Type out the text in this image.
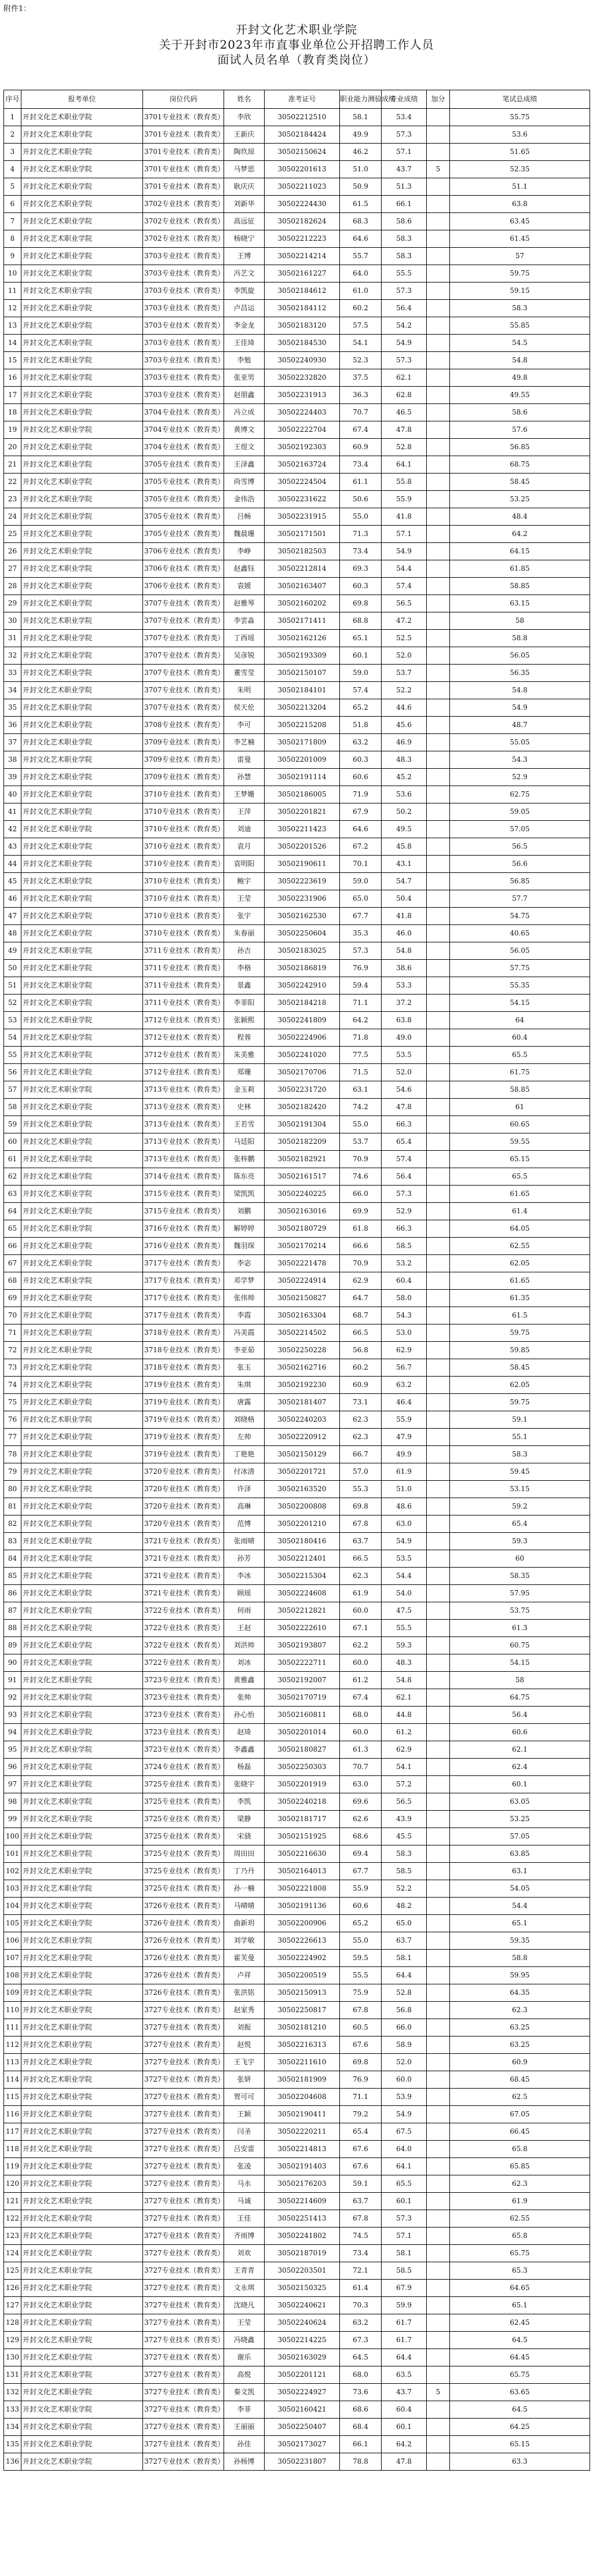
附件1：
开封文化艺术职业学院
关于开封市2023年市直事业单位公开招聘工作人员
面试人员名单（教育类岗位）
序号	报考单位	岗位代码	姓名	准考证号	职业能力测验成绩	专业成绩	加分	笔试总成绩
1	开封文化艺术职业学院	3701专业技术（教育类）	李欣	30502212510	58.1	53.4		55.75
2	开封文化艺术职业学院	3701专业技术（教育类）	王新庆	30502184424	49.9	57.3		53.6
3	开封文化艺术职业学院	3701专业技术（教育类）	陶玖琼	30502150624	46.2	57.1		51.65
4	开封文化艺术职业学院	3701专业技术（教育类）	马梦思	30502201613	51.0	43.7	5	52.35
5	开封文化艺术职业学院	3701专业技术（教育类）	耿庆庆	30502211023	50.9	51.3		51.1
6	开封文化艺术职业学院	3702专业技术（教育类）	刘新华	30502224430	61.5	66.1		63.8
7	开封文化艺术职业学院	3702专业技术（教育类）	高远征	30502182624	68.3	58.6		63.45
8	开封文化艺术职业学院	3702专业技术（教育类）	杨晓宁	30502212223	64.6	58.3		61.45
9	开封文化艺术职业学院	3703专业技术（教育类）	王博	30502214214	55.7	58.3		57
10	开封文化艺术职业学院	3703专业技术（教育类）	冯艺文	30502161227	64.0	55.5		59.75
11	开封文化艺术职业学院	3703专业技术（教育类）	李凯旋	30502184612	61.0	57.3		59.15
12	开封文化艺术职业学院	3703专业技术（教育类）	卢昌运	30502184112	60.2	56.4		58.3
13	开封文化艺术职业学院	3703专业技术（教育类）	李金龙	30502183120	57.5	54.2		55.85
14	开封文化艺术职业学院	3703专业技术（教育类）	王佳琦	30502184530	54.1	54.9		54.5
15	开封文化艺术职业学院	3703专业技术（教育类）	李勉	30502240930	52.3	57.3		54.8
16	开封文化艺术职业学院	3703专业技术（教育类）	张亚男	30502232820	37.5	62.1		49.8
17	开封文化艺术职业学院	3703专业技术（教育类）	赵朋鑫	30502231913	36.3	62.8		49.55
18	开封文化艺术职业学院	3704专业技术（教育类）	冯立成	30502224403	70.7	46.5		58.6
19	开封文化艺术职业学院	3704专业技术（教育类）	黄博文	30502222704	67.4	47.8		57.6
20	开封文化艺术职业学院	3704专业技术（教育类）	王煜文	30502192303	60.9	52.8		56.85
21	开封文化艺术职业学院	3705专业技术（教育类）	王泽鑫	30502163724	73.4	64.1		68.75
22	开封文化艺术职业学院	3705专业技术（教育类）	尚雪博	30502224504	61.1	55.8		58.45
23	开封文化艺术职业学院	3705专业技术（教育类）	金伟浩	30502231622	50.6	55.9		53.25
24	开封文化艺术职业学院	3705专业技术（教育类）	吕畅	30502231915	55.0	41.8		48.4
25	开封文化艺术职业学院	3705专业技术（教育类）	魏晨珊	30502171501	71.3	57.1		64.2
26	开封文化艺术职业学院	3706专业技术（教育类）	李峥	30502182503	73.4	54.9		64.15
27	开封文化艺术职业学院	3706专业技术（教育类）	赵鑫钰	30502212814	69.3	54.4		61.85
28	开封文化艺术职业学院	3706专业技术（教育类）	袁媛	30502163407	60.3	57.4		58.85
29	开封文化艺术职业学院	3707专业技术（教育类）	赵雅琴	30502160202	69.8	56.5		63.15
30	开封文化艺术职业学院	3707专业技术（教育类）	李雲淼	30502171411	68.8	47.2		58
31	开封文化艺术职业学院	3707专业技术（教育类）	丁西瑶	30502162126	65.1	52.5		58.8
32	开封文化艺术职业学院	3707专业技术（教育类）	吴彦锐	30502193309	60.1	52.0		56.05
33	开封文化艺术职业学院	3707专业技术（教育类）	董雪莹	30502150107	59.0	53.7		56.35
34	开封文化艺术职业学院	3707专业技术（教育类）	朱明	30502184101	57.4	52.2		54.8
35	开封文化艺术职业学院	3707专业技术（教育类）	侯天伦	30502213204	65.2	44.6		54.9
36	开封文化艺术职业学院	3708专业技术（教育类）	李可	30502215208	51.8	45.6		48.7
37	开封文化艺术职业学院	3709专业技术（教育类）	李艺楠	30502171809	63.2	46.9		55.05
38	开封文化艺术职业学院	3709专业技术（教育类）	雷曼	30502201009	60.3	48.3		54.3
39	开封文化艺术职业学院	3709专业技术（教育类）	孙慧	30502191114	60.6	45.2		52.9
40	开封文化艺术职业学院	3710专业技术（教育类）	王梦姗	30502186005	71.9	53.6		62.75
41	开封文化艺术职业学院	3710专业技术（教育类）	王萍	30502201821	67.9	50.2		59.05
42	开封文化艺术职业学院	3710专业技术（教育类）	刘迪	30502211423	64.6	49.5		57.05
43	开封文化艺术职业学院	3710专业技术（教育类）	袁月	30502201526	67.2	45.8		56.5
44	开封文化艺术职业学院	3710专业技术（教育类）	袁明阳	30502190611	70.1	43.1		56.6
45	开封文化艺术职业学院	3710专业技术（教育类）	鲍宇	30502223619	59.0	54.7		56.85
46	开封文化艺术职业学院	3710专业技术（教育类）	王莹	30502231906	65.0	50.4		57.7
47	开封文化艺术职业学院	3710专业技术（教育类）	张宇	30502162530	67.7	41.8		54.75
48	开封文化艺术职业学院	3710专业技术（教育类）	朱春丽	30502250604	35.3	46.0		40.65
49	开封文化艺术职业学院	3711专业技术（教育类）	孙吉	30502183025	57.3	54.8		56.05
50	开封文化艺术职业学院	3711专业技术（教育类）	李格	30502186819	76.9	38.6		57.75
51	开封文化艺术职业学院	3711专业技术（教育类）	景鑫	30502242910	59.4	53.3		55.35
52	开封文化艺术职业学院	3711专业技术（教育类）	李菲阳	30502184218	71.1	37.2		54.15
53	开封文化艺术职业学院	3712专业技术（教育类）	张颖熙	30502241809	64.2	63.8		64
54	开封文化艺术职业学院	3712专业技术（教育类）	程蓉	30502224906	71.8	49.0		60.4
55	开封文化艺术职业学院	3712专业技术（教育类）	朱美雅	30502241020	77.5	53.5		65.5
56	开封文化艺术职业学院	3712专业技术（教育类）	郑珊	30502170706	71.5	52.0		61.75
57	开封文化艺术职业学院	3713专业技术（教育类）	金玉莉	30502231720	63.1	54.6		58.85
58	开封文化艺术职业学院	3713专业技术（教育类）	史林	30502182420	74.2	47.8		61
59	开封文化艺术职业学院	3713专业技术（教育类）	王若雪	30502191304	55.0	66.3		60.65
60	开封文化艺术职业学院	3713专业技术（教育类）	马廷阳	30502182209	53.7	65.4		59.55
61	开封文化艺术职业学院	3713专业技术（教育类）	张梓鹏	30502182921	70.9	57.4		65.15
62	开封文化艺术职业学院	3714专业技术（教育类）	陈东亮	30502161517	74.6	56.4		65.5
63	开封文化艺术职业学院	3715专业技术（教育类）	梁凯凯	30502240225	66.0	57.3		61.65
64	开封文化艺术职业学院	3715专业技术（教育类）	刘鹏	30502163016	69.9	52.9		61.4
65	开封文化艺术职业学院	3716专业技术（教育类）	解婷婷	30502180729	61.8	66.3		64.05
66	开封文化艺术职业学院	3716专业技术（教育类）	魏羽琛	30502170214	66.6	58.5		62.55
67	开封文化艺术职业学院	3717专业技术（教育类）	李宓	30502221478	70.9	53.2		62.05
68	开封文化艺术职业学院	3717专业技术（教育类）	邓学梦	30502224914	62.9	60.4		61.65
69	开封文化艺术职业学院	3717专业技术（教育类）	张伟帅	30502150827	64.7	58.0		61.35
70	开封文化艺术职业学院	3717专业技术（教育类）	李霞	30502163304	68.7	54.3		61.5
71	开封文化艺术职业学院	3718专业技术（教育类）	冯美霞	30502214502	66.5	53.0		59.75
72	开封文化艺术职业学院	3718专业技术（教育类）	李亚茹	30502250228	56.8	62.9		59.85
73	开封文化艺术职业学院	3718专业技术（教育类）	张玉	30502162716	60.2	56.7		58.45
74	开封文化艺术职业学院	3719专业技术（教育类）	朱琪	30502192230	60.9	63.2		62.05
75	开封文化艺术职业学院	3719专业技术（教育类）	唐露	30502181407	73.1	46.4		59.75
76	开封文化艺术职业学院	3719专业技术（教育类）	刘晓格	30502240203	62.3	55.9		59.1
77	开封文化艺术职业学院	3719专业技术（教育类）	左帅	30502220912	62.3	47.9		55.1
78	开封文化艺术职业学院	3719专业技术（教育类）	丁艳艳	30502150129	66.7	49.9		58.3
79	开封文化艺术职业学院	3720专业技术（教育类）	付冰清	30502201721	57.0	61.9		59.45
80	开封文化艺术职业学院	3720专业技术（教育类）	许泽	30502163520	55.3	51.0		53.15
81	开封文化艺术职业学院	3720专业技术（教育类）	高琳	30502200808	69.8	48.6		59.2
82	开封文化艺术职业学院	3720专业技术（教育类）	范博	30502201210	67.8	63.0		65.4
83	开封文化艺术职业学院	3721专业技术（教育类）	张雨晴	30502180416	63.7	54.9		59.3
84	开封文化艺术职业学院	3721专业技术（教育类）	孙芳	30502212401	66.5	53.5		60
85	开封文化艺术职业学院	3721专业技术（教育类）	李冰	30502215304	62.3	54.4		58.35
86	开封文化艺术职业学院	3721专业技术（教育类）	顾瑶	30502224608	61.9	54.0		57.95
87	开封文化艺术职业学院	3722专业技术（教育类）	何雨	30502212821	60.0	47.5		53.75
88	开封文化艺术职业学院	3722专业技术（教育类）	王赵	30502222610	67.1	55.5		61.3
89	开封文化艺术职业学院	3722专业技术（教育类）	刘洪帅	30502193807	62.2	59.3		60.75
90	开封文化艺术职业学院	3722专业技术（教育类）	刘冰	30502222711	60.0	48.3		54.15
91	开封文化艺术职业学院	3723专业技术（教育类）	黄雅鑫	30502192007	61.2	54.8		58
92	开封文化艺术职业学院	3723专业技术（教育类）	张帅	30502170719	67.4	62.1		64.75
93	开封文化艺术职业学院	3723专业技术（教育类）	孙心怡	30502160811	68.0	44.8		56.4
94	开封文化艺术职业学院	3723专业技术（教育类）	赵琦	30502201014	60.0	61.2		60.6
95	开封文化艺术职业学院	3723专业技术（教育类）	李鑫鑫	30502180827	61.3	62.9		62.1
96	开封文化艺术职业学院	3724专业技术（教育类）	杨磊	30502250303	70.7	54.1		62.4
97	开封文化艺术职业学院	3725专业技术（教育类）	张晓宇	30502201919	63.0	57.2		60.1
98	开封文化艺术职业学院	3725专业技术（教育类）	李凯	30502240218	69.6	56.5		63.05
99	开封文化艺术职业学院	3725专业技术（教育类）	梁静	30502181717	62.6	43.9		53.25
100	开封文化艺术职业学院	3725专业技术（教育类）	宋骁	30502151925	68.6	45.5		57.05
101	开封文化艺术职业学院	3725专业技术（教育类）	周田田	30502216630	69.4	58.3		63.85
102	开封文化艺术职业学院	3725专业技术（教育类）	丁乃丹	30502164013	67.7	58.5		63.1
103	开封文化艺术职业学院	3725专业技术（教育类）	孙一楠	30502221808	55.9	52.2		54.05
104	开封文化艺术职业学院	3726专业技术（教育类）	马晴晴	30502191136	60.6	48.2		54.4
105	开封文化艺术职业学院	3726专业技术（教育类）	曲新玥	30502200906	65.2	65.0		65.1
106	开封文化艺术职业学院	3726专业技术（教育类）	刘学敏	30502226613	55.0	63.7		59.35
107	开封文化艺术职业学院	3726专业技术（教育类）	霍芙曼	30502224902	59.5	58.1		58.8
108	开封文化艺术职业学院	3726专业技术（教育类）	卢祥	30502200519	55.5	64.4		59.95
109	开封文化艺术职业学院	3726专业技术（教育类）	张洪铭	30502150913	75.9	52.8		64.35
110	开封文化艺术职业学院	3727专业技术（教育类）	赵家秀	30502250817	67.8	56.8		62.3
111	开封文化艺术职业学院	3727专业技术（教育类）	刘振	30502181210	60.5	66.0		63.25
112	开封文化艺术职业学院	3727专业技术（教育类）	赵悦	30502216313	67.6	58.9		63.25
113	开封文化艺术职业学院	3727专业技术（教育类）	王飞宇	30502211610	69.8	52.0		60.9
114	开封文化艺术职业学院	3727专业技术（教育类）	张妍	30502181909	76.9	60.0		68.45
115	开封文化艺术职业学院	3727专业技术（教育类）	贾可可	30502204608	71.1	53.9		62.5
116	开封文化艺术职业学院	3727专业技术（教育类）	王颖	30502190411	79.2	54.9		67.05
117	开封文化艺术职业学院	3727专业技术（教育类）	闫圣	30502220211	65.4	67.5		66.45
118	开封文化艺术职业学院	3727专业技术（教育类）	吕安雷	30502214813	67.6	64.0		65.8
119	开封文化艺术职业学院	3727专业技术（教育类）	张凌	30502191403	67.6	64.1		65.85
120	开封文化艺术职业学院	3727专业技术（教育类）	马永	30502176203	59.1	65.5		62.3
121	开封文化艺术职业学院	3727专业技术（教育类）	马诚	30502214609	63.7	60.1		61.9
122	开封文化艺术职业学院	3727专业技术（教育类）	王佳	30502251413	67.8	57.3		62.55
123	开封文化艺术职业学院	3727专业技术（教育类）	齐雨博	30502241802	74.5	57.1		65.8
124	开封文化艺术职业学院	3727专业技术（教育类）	刘欢	30502187019	73.4	58.1		65.75
125	开封文化艺术职业学院	3727专业技术（教育类）	王青青	30502203501	72.1	58.5		65.3
126	开封文化艺术职业学院	3727专业技术（教育类）	文永琪	30502150325	61.4	67.9		64.65
127	开封文化艺术职业学院	3727专业技术（教育类）	沈晓凡	30502240621	70.3	59.9		65.1
128	开封文化艺术职业学院	3727专业技术（教育类）	王莹	30502240624	63.2	61.7		62.45
129	开封文化艺术职业学院	3727专业技术（教育类）	冯晓鑫	30502214225	67.3	61.7		64.5
130	开封文化艺术职业学院	3727专业技术（教育类）	谢乐	30502163029	64.5	64.4		64.45
131	开封文化艺术职业学院	3727专业技术（教育类）	高悦	30502201121	68.0	63.5		65.75
132	开封文化艺术职业学院	3727专业技术（教育类）	秦文凯	30502224927	73.6	43.7	5	63.65
133	开封文化艺术职业学院	3727专业技术（教育类）	李菲	30502160421	68.6	60.4		64.5
134	开封文化艺术职业学院	3727专业技术（教育类）	王丽丽	30502250407	68.4	60.1		64.25
135	开封文化艺术职业学院	3727专业技术（教育类）	孙佳	30502173027	66.1	64.2		65.15
136	开封文化艺术职业学院	3727专业技术（教育类）	孙杨博	30502231807	78.8	47.8		63.3
